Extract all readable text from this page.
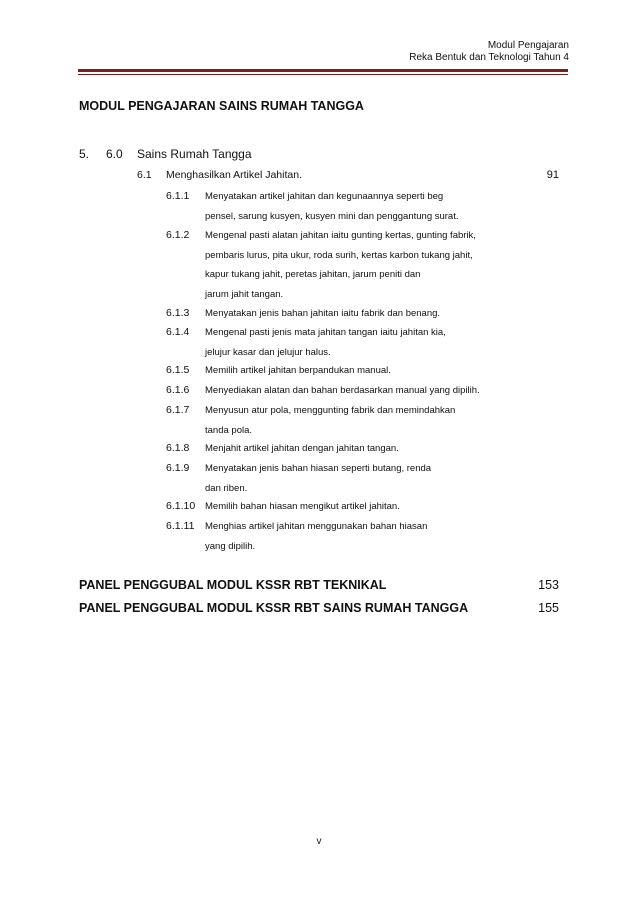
Modul Pengajaran
Reka Bentuk dan Teknologi Tahun 4
MODUL PENGAJARAN SAINS RUMAH TANGGA
5. 6.0 Sains Rumah Tangga
6.1 Menghasilkan Artikel Jahitan.	91
6.1.1 Menyatakan artikel jahitan dan kegunaannya seperti beg
pensel, sarung kusyen, kusyen mini dan penggantung surat.
6.1.2 Mengenal pasti alatan jahitan iaitu gunting kertas, gunting fabrik,
pembaris lurus, pita ukur, roda surih, kertas karbon tukang jahit,
kapur tukang jahit, peretas jahitan, jarum peniti dan
jarum jahit tangan.
6.1.3 Menyatakan jenis bahan jahitan iaitu fabrik dan benang.
6.1.4 Mengenal pasti jenis mata jahitan tangan iaitu jahitan kia,
jelujur kasar dan jelujur halus.
6.1.5 Memilih artikel jahitan berpandukan manual.
6.1.6 Menyediakan alatan dan bahan berdasarkan manual yang dipilih.
6.1.7 Menyusun atur pola, menggunting fabrik dan memindahkan
tanda pola.
6.1.8 Menjahit artikel jahitan dengan jahitan tangan.
6.1.9 Menyatakan jenis bahan hiasan seperti butang, renda
dan riben.
6.1.10 Memilih bahan hiasan mengikut artikel jahitan.
6.1.11 Menghias artikel jahitan menggunakan bahan hiasan
yang dipilih.
PANEL PENGGUBAL MODUL KSSR RBT TEKNIKAL	153
PANEL PENGGUBAL MODUL KSSR RBT SAINS RUMAH TANGGA	155
v
